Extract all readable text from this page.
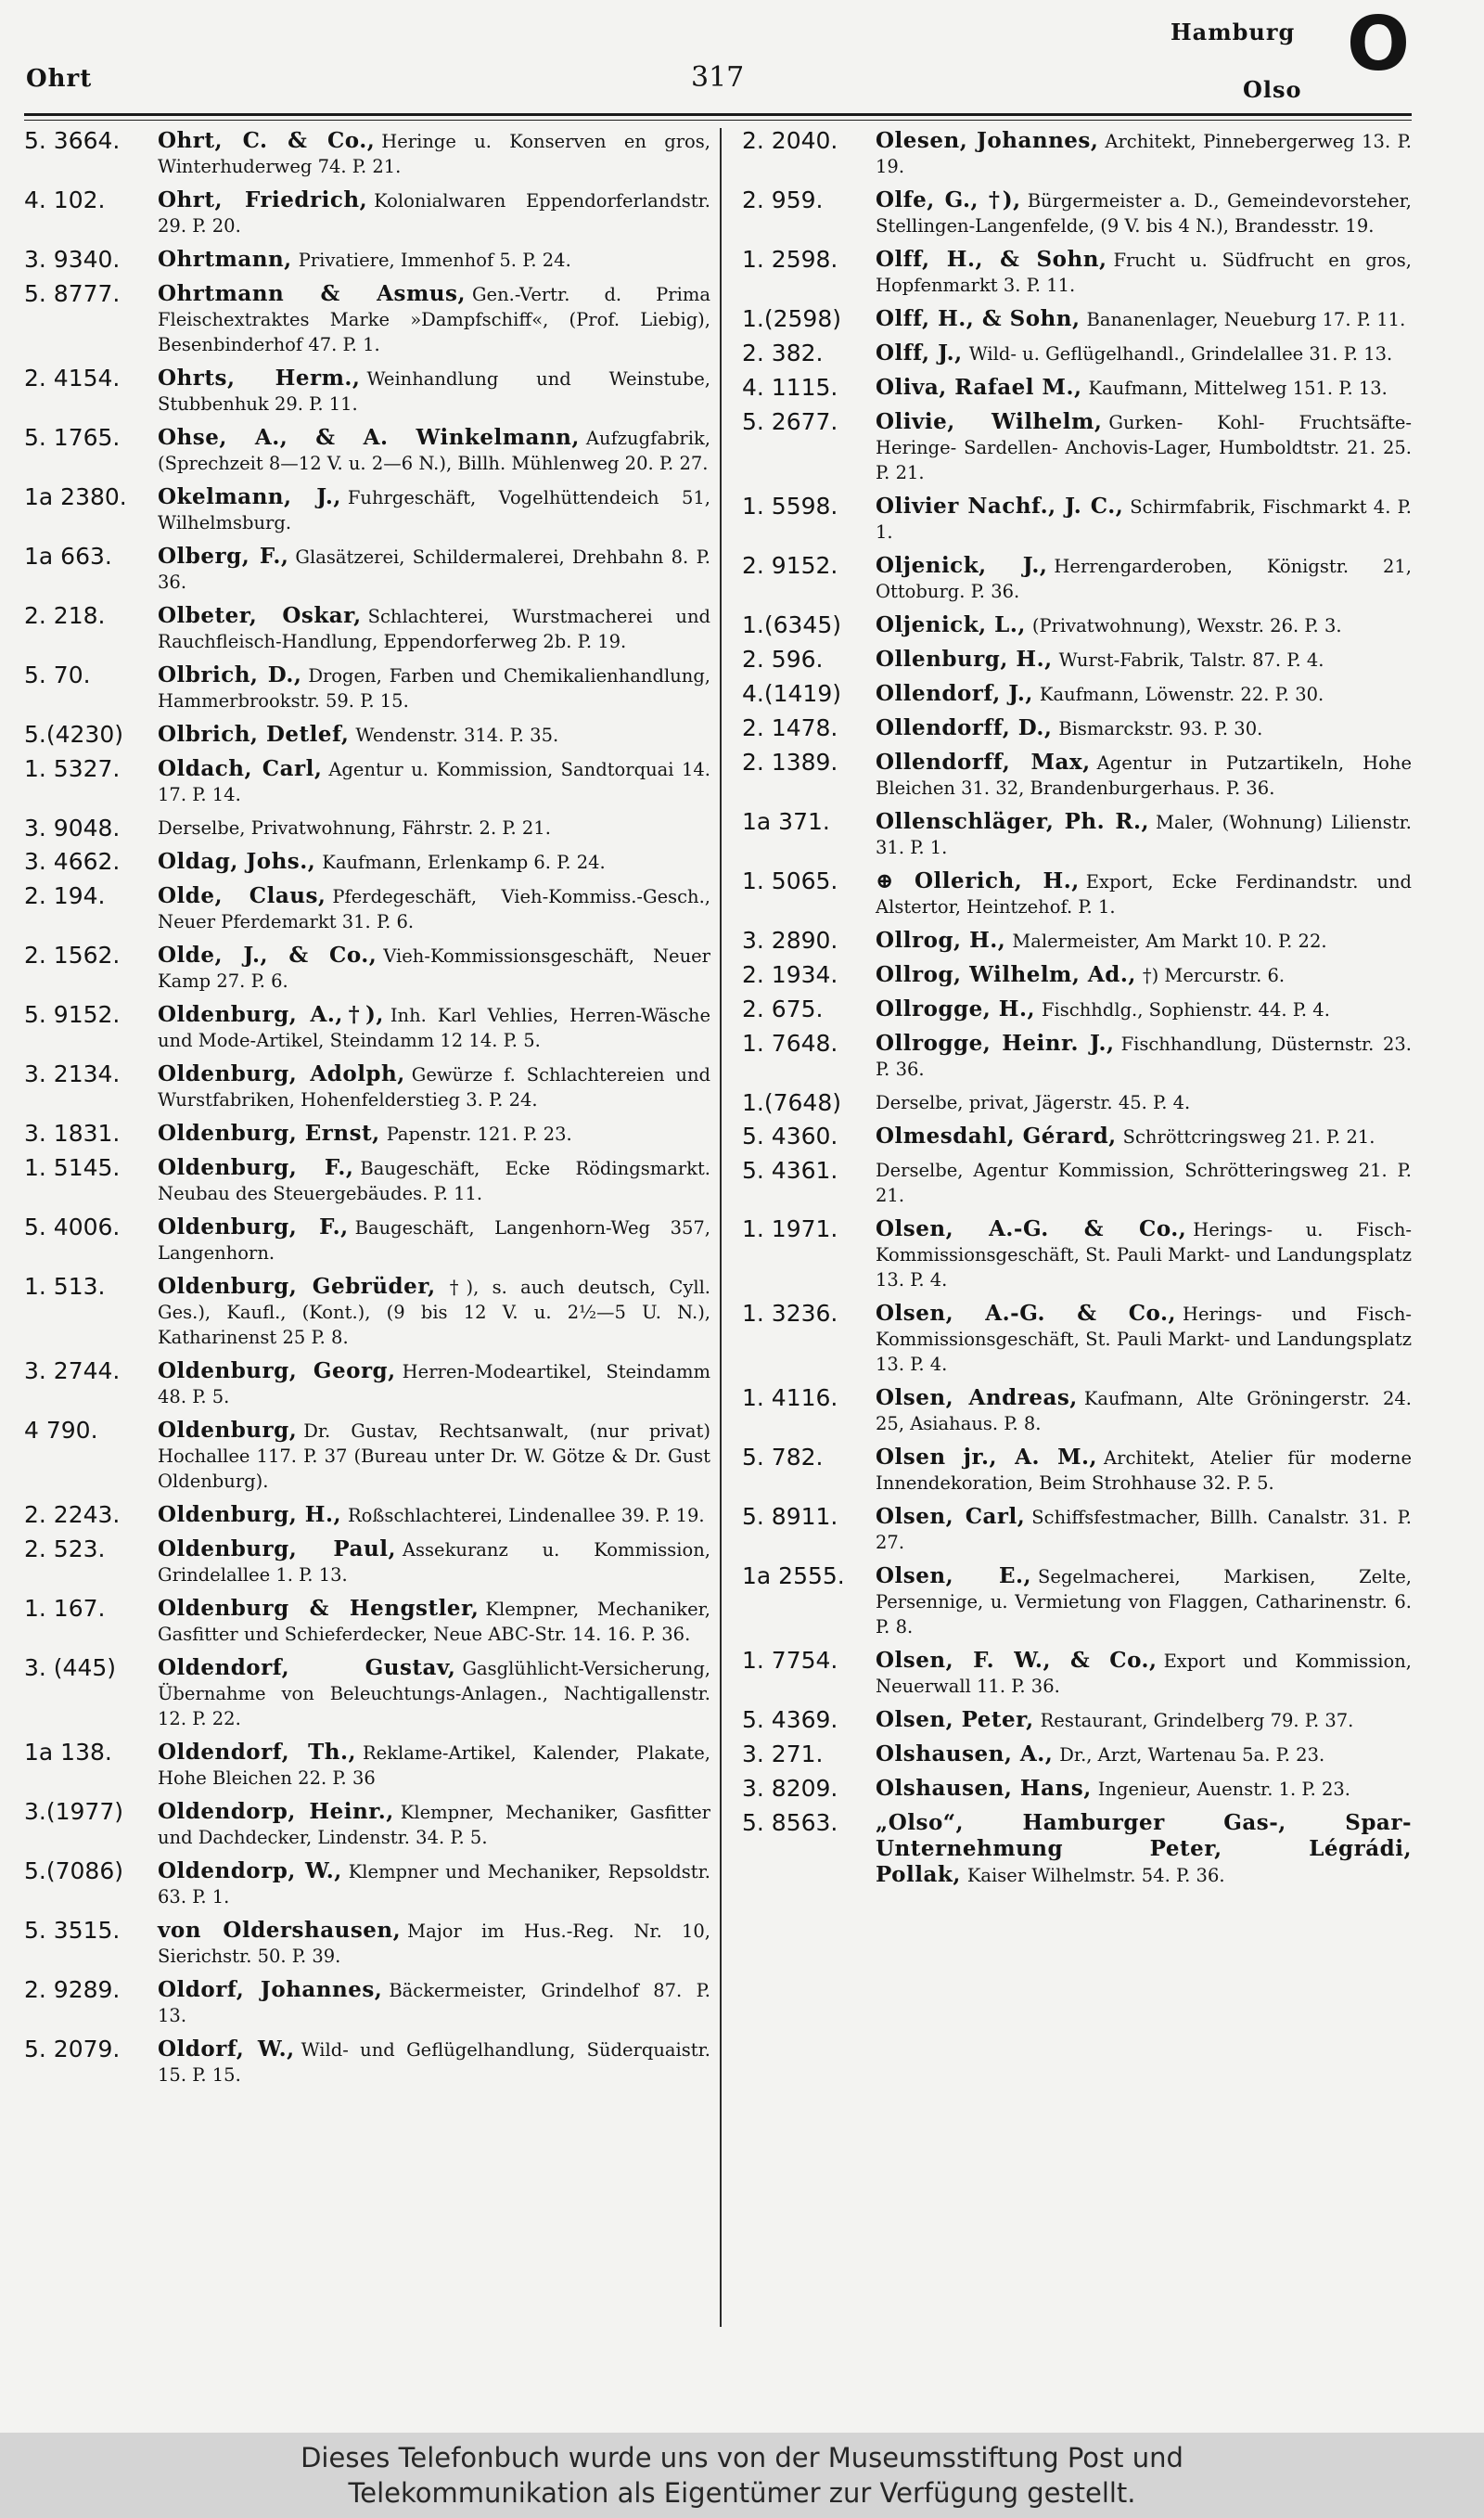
Ohrt	317
Hamburg
Olso
O
5. 3664.	Ohrt, C. & Co., Heringe u. Konserven en gros, Winterhuderweg 74. P. 21.
4. 102.	Ohrt, Friedrich, Kolonialwaren Eppendorferlandstr. 29. P. 20.
3. 9340.	Ohrtmann, Privatiere, Immenhof 5. P. 24.
5. 8777.	Ohrtmann & Asmus, Gen.-Vertr. d. Prima Fleischextraktes Marke »Dampfschiff«, (Prof. Liebig), Besenbinderhof 47. P. 1.
2. 4154.	Ohrts, Herm., Weinhandlung und Weinstube, Stubbenhuk 29. P. 11.
5. 1765.	Ohse, A., & A. Winkelmann, Aufzugfabrik, (Sprechzeit 8—12 V. u. 2—6 N.), Billh. Mühlenweg 20. P. 27.
1a 2380.	Okelmann, J., Fuhrgeschäft, Vogelhüttendeich 51, Wilhelmsburg.
1a 663.	Olberg, F., Glasätzerei, Schildermalerei, Drehbahn 8. P. 36.
2. 218.	Olbeter, Oskar, Schlachterei, Wurstmacherei und Rauchfleisch-Handlung, Eppendorferweg 2b. P. 19.
5. 70.	Olbrich, D., Drogen, Farben und Chemikalienhandlung, Hammerbrookstr. 59. P. 15.
5.(4230)	Olbrich, Detlef, Wendenstr. 314. P. 35.
1. 5327.	Oldach, Carl, Agentur u. Kommission, Sandtorquai 14. 17. P. 14.
3. 9048.	Derselbe, Privatwohnung, Fährstr. 2. P. 21.
3. 4662.	Oldag, Johs., Kaufmann, Erlenkamp 6. P. 24.
2. 194.	Olde, Claus, Pferdegeschäft, Vieh-Kommiss.-Gesch., Neuer Pferdemarkt 31. P. 6.
2. 1562.	Olde, J., & Co., Vieh-Kommissionsgeschäft, Neuer Kamp 27. P. 6.
5. 9152.	Oldenburg, A.,†), Inh. Karl Vehlies, Herren-Wäsche und Mode-Artikel, Steindamm 12 14. P. 5.
3. 2134.	Oldenburg, Adolph, Gewürze f. Schlachtereien und Wurstfabriken, Hohenfelderstieg 3. P. 24.
3. 1831.	Oldenburg, Ernst, Papenstr. 121. P. 23.
1. 5145.	Oldenburg, F., Baugeschäft, Ecke Rödingsmarkt. Neubau des Steuergebäudes. P. 11.
5. 4006.	Oldenburg, F., Baugeschäft, Langenhorn-Weg 357, Langenhorn.
1. 513.	Oldenburg, Gebrüder, †), s. auch deutsch, Cyll. Ges.), Kaufl., (Kont.), (9 bis 12 V. u. 2½—5 U. N.), Katharinenst 25 P. 8.
3. 2744.	Oldenburg, Georg, Herren-Modeartikel, Steindamm 48. P. 5.
4 790.	Oldenburg, Dr. Gustav, Rechtsanwalt, (nur privat) Hochallee 117. P. 37 (Bureau unter Dr. W. Götze & Dr. Gust Oldenburg).
2. 2243.	Oldenburg, H., Roßschlachterei, Lindenallee 39. P. 19.
2. 523.	Oldenburg, Paul, Assekuranz u. Kommission, Grindelallee 1. P. 13.
1. 167.	Oldenburg & Hengstler, Klempner, Mechaniker, Gasfitter und Schieferdecker, Neue ABC-Str. 14. 16. P. 36.
3. (445)	Oldendorf, Gustav, Gasglühlicht-Versicherung, Übernahme von Beleuchtungs-Anlagen., Nachtigallenstr. 12. P. 22.
1a 138.	Oldendorf, Th., Reklame-Artikel, Kalender, Plakate, Hohe Bleichen 22. P. 36
3.(1977)	Oldendorp, Heinr., Klempner, Mechaniker, Gasfitter und Dachdecker, Lindenstr. 34. P. 5.
5.(7086)	Oldendorp, W., Klempner und Mechaniker, Repsoldstr. 63. P. 1.
5. 3515.	von Oldershausen, Major im Hus.-Reg. Nr. 10, Sierichstr. 50. P. 39.
2. 9289.	Oldorf, Johannes, Bäckermeister, Grindelhof 87. P. 13.
5. 2079.	Oldorf, W., Wild- und Geflügelhandlung, Süderquaistr. 15. P. 15.
2. 2040.	Olesen, Johannes, Architekt, Pinnebergerweg 13. P. 19.
2. 959.	Olfe, G., †), Bürgermeister a. D., Gemeindevorsteher, Stellingen-Langenfelde, (9 V. bis 4 N.), Brandesstr. 19.
1. 2598.	Olff, H., & Sohn, Frucht u. Südfrucht en gros, Hopfenmarkt 3. P. 11.
1.(2598)	Olff, H., & Sohn, Bananenlager, Neueburg 17. P. 11.
2. 382.	Olff, J., Wild- u. Geflügelhandl., Grindelallee 31. P. 13.
4. 1115.	Oliva, Rafael M., Kaufmann, Mittelweg 151. P. 13.
5. 2677.	Olivie, Wilhelm, Gurken- Kohl- Fruchtsäfte- Heringe- Sardellen- Anchovis-Lager, Humboldtstr. 21. 25. P. 21.
1. 5598.	Olivier Nachf., J. C., Schirmfabrik, Fischmarkt 4. P. 1.
2. 9152.	Oljenick, J., Herrengarderoben, Königstr. 21, Ottoburg. P. 36.
1.(6345)	Oljenick, L., (Privatwohnung), Wexstr. 26. P. 3.
2. 596.	Ollenburg, H., Wurst-Fabrik, Talstr. 87. P. 4.
4.(1419)	Ollendorf, J., Kaufmann, Löwenstr. 22. P. 30.
2. 1478.	Ollendorff, D., Bismarckstr. 93. P. 30.
2. 1389.	Ollendorff, Max, Agentur in Putzartikeln, Hohe Bleichen 31. 32, Brandenburgerhaus. P. 36.
1a 371.	Ollenschläger, Ph. R., Maler, (Wohnung) Lilienstr. 31. P. 1.
1. 5065.	⊕ Ollerich, H., Export, Ecke Ferdinandstr. und Alstertor, Heintzehof. P. 1.
3. 2890.	Ollrog, H., Malermeister, Am Markt 10. P. 22.
2. 1934.	Ollrog, Wilhelm, Ad., †) Mercurstr. 6.
2. 675.	Ollrogge, H., Fischhdlg., Sophienstr. 44. P. 4.
1. 7648.	Ollrogge, Heinr. J., Fischhandlung, Düsternstr. 23. P. 36.
1.(7648)	Derselbe, privat, Jägerstr. 45. P. 4.
5. 4360.	Olmesdahl, Gérard, Schröttcringsweg 21. P. 21.
5. 4361.	Derselbe, Agentur Kommission, Schrötteringsweg 21. P. 21.
1. 1971.	Olsen, A.-G. & Co., Herings- u. Fisch-Kommissionsgeschäft, St. Pauli Markt- und Landungsplatz 13. P. 4.
1. 3236.	Olsen, A.-G. & Co., Herings- und Fisch-Kommissionsgeschäft, St. Pauli Markt- und Landungsplatz 13. P. 4.
1. 4116.	Olsen, Andreas, Kaufmann, Alte Gröningerstr. 24. 25, Asiahaus. P. 8.
5. 782.	Olsen jr., A. M., Architekt, Atelier für moderne Innendekoration, Beim Strohhause 32. P. 5.
5. 8911.	Olsen, Carl, Schiffsfestmacher, Billh. Canalstr. 31. P. 27.
1a 2555.	Olsen, E., Segelmacherei, Markisen, Zelte, Persennige, u. Vermietung von Flaggen, Catharinenstr. 6. P. 8.
1. 7754.	Olsen, F. W., & Co., Export und Kommission, Neuerwall 11. P. 36.
5. 4369.	Olsen, Peter, Restaurant, Grindelberg 79. P. 37.
3. 271.	Olshausen, A., Dr., Arzt, Wartenau 5a. P. 23.
3. 8209.	Olshausen, Hans, Ingenieur, Auenstr. 1. P. 23.
5. 8563.	„Olso“, Hamburger Gas-, Spar-Unternehmung Peter, Légrádi, Pollak, Kaiser Wilhelmstr. 54. P. 36.
Dieses Telefonbuch wurde uns von der Museumsstiftung Post und
Telekommunikation als Eigentümer zur Verfügung gestellt.
